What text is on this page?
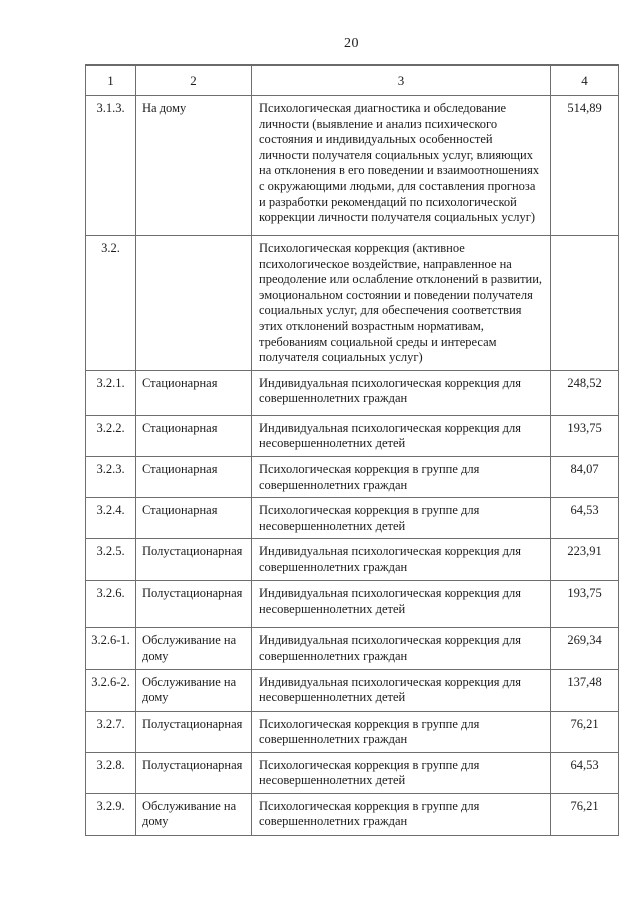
20
1	2	3	4
3.1.3.	На дому	Психологическая диагностика и обследование личности (выявление и анализ психического состояния и индивидуальных особенностей личности получателя социальных услуг, влияющих на отклонения в его поведении и взаимоотношениях с окружающими людьми, для составления прогноза и разработки рекомендаций по психологической коррекции личности получателя социальных услуг)	514,89
3.2.		Психологическая коррекция (активное психологическое воздействие, направленное на преодоление или ослабление отклонений в развитии, эмоциональном состоянии и поведении получателя социальных услуг, для обеспечения соответствия этих отклонений возрастным нормативам, требованиям социальной среды и интересам получателя социальных услуг)	
3.2.1.	Стационарная	Индивидуальная психологическая коррекция для совершеннолетних граждан	248,52
3.2.2.	Стационарная	Индивидуальная психологическая коррекция для несовершеннолетних детей	193,75
3.2.3.	Стационарная	Психологическая коррекция в группе для совершеннолетних граждан	84,07
3.2.4.	Стационарная	Психологическая коррекция в группе для несовершеннолетних детей	64,53
3.2.5.	Полустационарная	Индивидуальная психологическая коррекция для совершеннолетних граждан	223,91
3.2.6.	Полустационарная	Индивидуальная психологическая коррекция для несовершеннолетних детей	193,75
3.2.6-1.	Обслуживание на дому	Индивидуальная психологическая коррекция для совершеннолетних граждан	269,34
3.2.6-2.	Обслуживание на дому	Индивидуальная психологическая коррекция для несовершеннолетних детей	137,48
3.2.7.	Полустационарная	Психологическая коррекция в группе для совершеннолетних граждан	76,21
3.2.8.	Полустационарная	Психологическая коррекция в группе для несовершеннолетних детей	64,53
3.2.9.	Обслуживание на дому	Психологическая коррекция в группе для совершеннолетних граждан	76,21
